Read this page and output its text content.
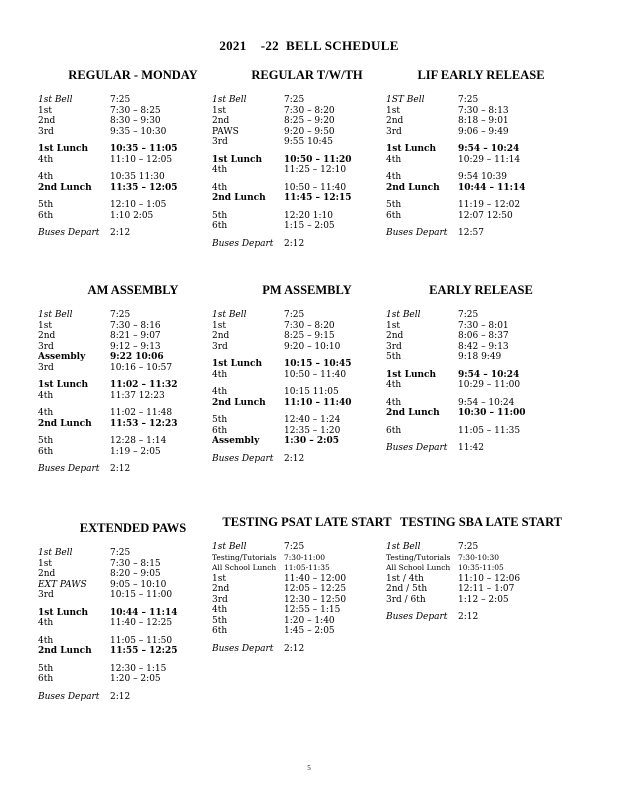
2021    -22  BELL SCHEDULE
REGULAR - MONDAY
1st Bell	7:25
1st	7:30 – 8:25
2nd	8:30 – 9:30
3rd	9:35 – 10:30
1st Lunch	10:35 – 11:05
4th	11:10 – 12:05
4th	10:35 11:30
2nd Lunch	11:35 – 12:05
5th	12:10 – 1:05
6th	1:10 2:05
Buses Depart	2:12
REGULAR T/W/TH
1st Bell	7:25
1st	7:30 – 8:20
2nd	8:25 – 9:20
PAWS	9:20 – 9:50
3rd	9:55 10:45
1st Lunch	10:50 – 11:20
4th	11:25 – 12:10
4th	10:50 – 11:40
2nd Lunch	11:45 – 12:15
5th	12:20 1:10
6th	1:15 – 2:05
Buses Depart	2:12
LIF EARLY RELEASE
1ST Bell	7:25
1st	7:30 – 8:13
2nd	8:18 – 9:01
3rd	9:06 – 9:49
1st Lunch	9:54 – 10:24
4th	10:29 – 11:14
4th	9:54 10:39
2nd Lunch	10:44 – 11:14
5th	11:19 – 12:02
6th	12:07 12:50
Buses Depart	12:57
AM ASSEMBLY
1st Bell	7:25
1st	7:30 – 8:16
2nd	8:21 – 9:07
3rd	9:12 – 9:13
Assembly	9:22 10:06
3rd	10:16 – 10:57
1st Lunch	11:02 – 11:32
4th	11:37 12:23
4th	11:02 – 11:48
2nd Lunch	11:53 – 12:23
5th	12:28 – 1:14
6th	1:19 – 2:05
Buses Depart	2:12
PM ASSEMBLY
1st Bell	7:25
1st	7:30 – 8:20
2nd	8:25 – 9:15
3rd	9:20 – 10:10
1st Lunch	10:15 – 10:45
4th	10:50 – 11:40
4th	10:15 11:05
2nd Lunch	11:10 – 11:40
5th	12:40 – 1:24
6th	12:35 – 1:20
Assembly	1:30 – 2:05
Buses Depart	2:12
EARLY RELEASE
1st Bell	7:25
1st	7:30 – 8:01
2nd	8:06 – 8:37
3rd	8:42 – 9:13
5th	9:18 9:49
1st Lunch	9:54 – 10:24
4th	10:29 – 11:00
4th	9:54 – 10:24
2nd Lunch	10:30 – 11:00
6th	11:05 – 11:35
Buses Depart	11:42
EXTENDED PAWS
1st Bell	7:25
1st	7:30 – 8:15
2nd	8:20 – 9:05
EXT PAWS	9:05 – 10:10
3rd	10:15 – 11:00
1st Lunch	10:44 – 11:14
4th	11:40 – 12:25
4th	11:05 – 11:50
2nd Lunch	11:55 – 12:25
5th	12:30 – 1:15
6th	1:20 – 2:05
Buses Depart	2:12
TESTING PSAT LATE START
1st Bell	7:25
Testing/Tutorials	7:30-11:00
All School Lunch	11:05-11:35
1st	11:40 – 12:00
2nd	12:05 – 12:25
3rd	12:30 – 12:50
4th	12:55 – 1:15
5th	1:20 – 1:40
6th	1:45 – 2:05
Buses Depart	2:12
TESTING SBA LATE START
1st Bell	7:25
Testing/Tutorials	7:30-10:30
All School Lunch	10:35-11:05
1st / 4th	11:10 – 12:06
2nd / 5th	12:11 – 1:07
3rd / 6th	1:12 – 2:05
Buses Depart	2:12
5
